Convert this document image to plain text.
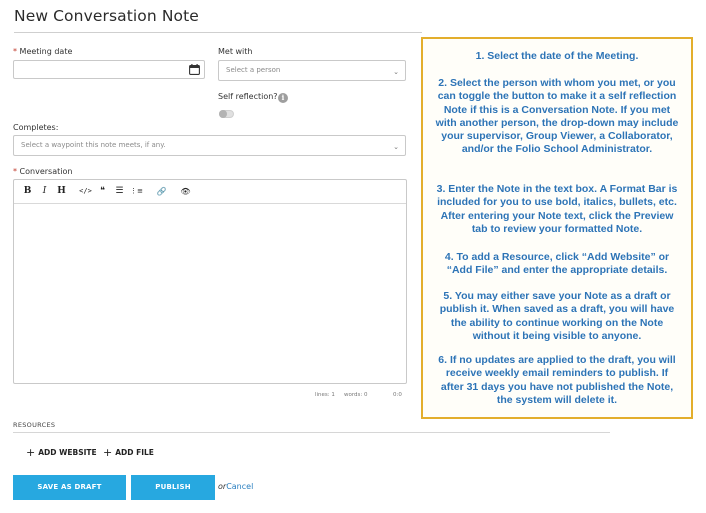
New Conversation Note
* Meeting date	Met with
Select a person	⌄
Self reflection? i
Completes:
Select a waypoint this note meets, if any.	⌄
* Conversation
B	I	H	</> ❝	☰ ⋮≡ 🔗 👁
lines: 1 words: 0	0:0
RESOURCES
+ ADD WEBSITE + ADD FILE
SAVE AS DRAFT	PUBLISH	orCancel

1. Select the date of the Meeting.

2. Select the person with whom you met, or you can toggle the button to make it a self reflection Note if this is a Conversation Note. If you met with another person, the drop-down may include your supervisor, Group Viewer, a Collaborator, and/or the Folio School Administrator.

3. Enter the Note in the text box. A Format Bar is included for you to use bold, italics, bullets, etc. After entering your Note text, click the Preview tab to review your formatted Note.

4. To add a Resource, click “Add Website” or “Add File” and enter the appropriate details.

5. You may either save your Note as a draft or publish it. When saved as a draft, you will have the ability to continue working on the Note without it being visible to anyone.

6. If no updates are applied to the draft, you will receive weekly email reminders to publish. If after 31 days you have not published the Note, the system will delete it.
